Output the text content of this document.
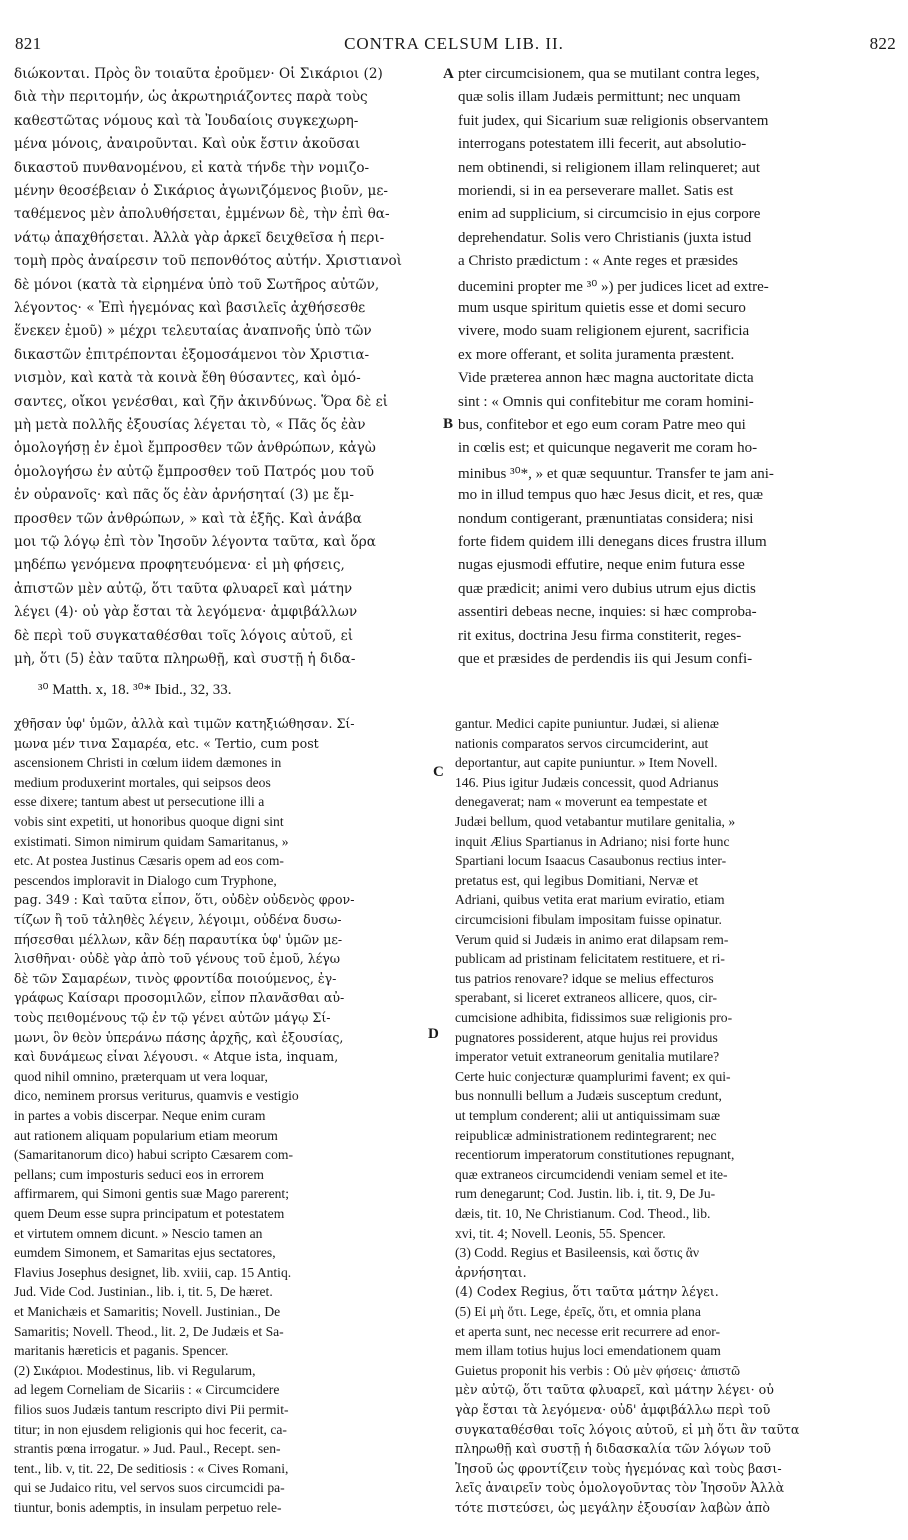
821	CONTRA CELSUM LIB. II.	822
A
B
C
D
διώκονται. Πρὸς ὃν τοιαῦτα ἐροῦμεν· Οἱ Σικάριοι (2)
διὰ τὴν περιτομήν, ὡς ἀκρωτηριάζοντες παρὰ τοὺς
καθεστῶτας νόμους καὶ τὰ Ἰουδαίοις συγκεχωρη-
μένα μόνοις, ἀναιροῦνται. Καὶ οὐκ ἔστιν ἀκοῦσαι
δικαστοῦ πυνθανομένου, εἰ κατὰ τήνδε τὴν νομιζο-
μένην θεοσέβειαν ὁ Σικάριος ἀγωνιζόμενος βιοῦν, με-
ταθέμενος μὲν ἀπολυθήσεται, ἐμμένων δὲ, τὴν ἐπὶ θα-
νάτῳ ἀπαχθήσεται. Ἀλλὰ γὰρ ἀρκεῖ δειχθεῖσα ἡ περι-
τομὴ πρὸς ἀναίρεσιν τοῦ πεπονθότος αὐτήν. Χριστιανοὶ
δὲ μόνοι (κατὰ τὰ εἰρημένα ὑπὸ τοῦ Σωτῆρος αὐτῶν,
λέγοντος· « Ἐπὶ ἡγεμόνας καὶ βασιλεῖς ἀχθήσεσθε
ἕνεκεν ἐμοῦ) » μέχρι τελευταίας ἀναπνοῆς ὑπὸ τῶν
δικαστῶν ἐπιτρέπονται ἐξομοσάμενοι τὸν Χριστια-
νισμὸν, καὶ κατὰ τὰ κοινὰ ἔθη θύσαντες, καὶ ὀμό-
σαντες, οἴκοι γενέσθαι, καὶ ζῆν ἀκινδύνως. Ὅρα δὲ εἰ
μὴ μετὰ πολλῆς ἐξουσίας λέγεται τὸ, « Πᾶς ὅς ἐὰν
ὁμολογήσῃ ἐν ἐμοὶ ἔμπροσθεν τῶν ἀνθρώπων, κἀγὼ
ὁμολογήσω ἐν αὐτῷ ἔμπροσθεν τοῦ Πατρός μου τοῦ
ἐν οὐρανοῖς· καὶ πᾶς ὅς ἐὰν ἀρνήσηταί (3) με ἔμ-
προσθεν τῶν ἀνθρώπων, » καὶ τὰ ἑξῆς. Καὶ ἀνάβα
μοι τῷ λόγῳ ἐπὶ τὸν Ἰησοῦν λέγοντα ταῦτα, καὶ ὅρα
μηδέπω γενόμενα προφητευόμενα· εἰ μὴ φήσεις,
ἀπιστῶν μὲν αὐτῷ, ὅτι ταῦτα φλυαρεῖ καὶ μάτην
λέγει (4)· οὐ γὰρ ἔσται τὰ λεγόμενα· ἀμφιβάλλων
δὲ περὶ τοῦ συγκαταθέσθαι τοῖς λόγοις αὐτοῦ, εἰ
μὴ, ὅτι (5) ἐὰν ταῦτα πληρωθῇ, καὶ συστῇ ἡ διδα-
pter circumcisionem, qua se mutilant contra leges,
quæ solis illam Judæis permittunt; nec unquam
fuit judex, qui Sicarium suæ religionis observantem
interrogans potestatem illi fecerit, aut absolutio-
nem obtinendi, si religionem illam relinqueret; aut
moriendi, si in ea perseverare mallet. Satis est
enim ad supplicium, si circumcisio in ejus corpore
deprehendatur. Solis vero Christianis (juxta istud
a Christo prædictum : « Ante reges et præsides
ducemini propter me ³⁰ ») per judices licet ad extre-
mum usque spiritum quietis esse et domi securo
vivere, modo suam religionem ejurent, sacrificia
ex more offerant, et solita juramenta præstent.
Vide præterea annon hæc magna auctoritate dicta
sint : « Omnis qui confitebitur me coram homini-
bus, confitebor et ego eum coram Patre meo qui
in cœlis est; et quicunque negaverit me coram ho-
minibus ³⁰*, » et quæ sequuntur. Transfer te jam ani-
mo in illud tempus quo hæc Jesus dicit, et res, quæ
nondum contigerant, prænuntiatas considera; nisi
forte fidem quidem illi denegans dices frustra illum
nugas ejusmodi effutire, neque enim futura esse
quæ prædicit; animi vero dubius utrum ejus dictis
assentiri debeas necne, inquies: si hæc comproba-
rit exitus, doctrina Jesu firma constiterit, reges-
que et præsides de perdendis iis qui Jesum confi-
³⁰ Matth. x, 18. ³⁰* Ibid., 32, 33.
χθῆσαν ὑφ' ὑμῶν, ἀλλὰ καὶ τιμῶν κατηξιώθησαν. Σί-
μωνα μέν τινα Σαμαρέα, etc. « Tertio, cum post
ascensionem Christi in cœlum iidem dæmones in
medium produxerint mortales, qui seipsos deos
esse dixere; tantum abest ut persecutione illi a
vobis sint expetiti, ut honoribus quoque digni sint
existimati. Simon nimirum quidam Samaritanus, »
etc. At postea Justinus Cæsaris opem ad eos com-
pescendos imploravit in Dialogo cum Tryphone,
pag. 349 : Καὶ ταῦτα εἶπον, ὅτι, οὐδὲν οὐδενὸς φρον-
τίζων ἢ τοῦ τἀληθὲς λέγειν, λέγοιμι, οὐδένα δυσω-
πήσεσθαι μέλλων, κἂν δέῃ παραυτίκα ὑφ' ὑμῶν με-
λισθῆναι· οὐδὲ γὰρ ἀπὸ τοῦ γένους τοῦ ἐμοῦ, λέγω
δὲ τῶν Σαμαρέων, τινὸς φροντίδα ποιούμενος, ἐγ-
γράφως Καίσαρι προσομιλῶν, εἶπον πλανᾶσθαι αὐ-
τοὺς πειθομένους τῷ ἐν τῷ γένει αὐτῶν μάγῳ Σί-
μωνι, ὃν θεὸν ὑπεράνω πάσης ἀρχῆς, καὶ ἐξουσίας,
καὶ δυνάμεως εἶναι λέγουσι. « Atque ista, inquam,
quod nihil omnino, præterquam ut vera loquar,
dico, neminem prorsus veriturus, quamvis e vestigio
in partes a vobis discerpar. Neque enim curam
aut rationem aliquam popularium etiam meorum
(Samaritanorum dico) habui scripto Cæsarem com-
pellans; cum imposturis seduci eos in errorem
affirmarem, qui Simoni gentis suæ Mago parerent;
quem Deum esse supra principatum et potestatem
et virtutem omnem dicunt. » Nescio tamen an
eumdem Simonem, et Samaritas ejus sectatores,
Flavius Josephus designet, lib. xviii, cap. 15 Antiq.
Jud. Vide Cod. Justinian., lib. i, tit. 5, De hæret.
et Manichæis et Samaritis; Novell. Justinian., De
Samaritis; Novell. Theod., lit. 2, De Judæis et Sa-
maritanis hæreticis et paganis. Spencer.
(2) Σικάριοι. Modestinus, lib. vi Regularum,
ad legem Corneliam de Sicariis : « Circumcidere
filios suos Judæis tantum rescripto divi Pii permit-
titur; in non ejusdem religionis qui hoc fecerit, ca-
strantis pœna irrogatur. » Jud. Paul., Recept. sen-
tent., lib. v, tit. 22, De seditiosis : « Cives Romani,
qui se Judaico ritu, vel servos suos circumcidi pa-
tiuntur, bonis ademptis, in insulam perpetuo rele-
gantur. Medici capite puniuntur. Judæi, si alienæ
nationis comparatos servos circumciderint, aut
deportantur, aut capite puniuntur. » Item Novell.
146. Pius igitur Judæis concessit, quod Adrianus
denegaverat; nam « moverunt ea tempestate et
Judæi bellum, quod vetabantur mutilare genitalia, »
inquit Ælius Spartianus in Adriano; nisi forte hunc
Spartiani locum Isaacus Casaubonus rectius inter-
pretatus est, qui legibus Domitiani, Nervæ et
Adriani, quibus vetita erat marium eviratio, etiam
circumcisioni fibulam impositam fuisse opinatur.
Verum quid si Judæis in animo erat dilapsam rem-
publicam ad pristinam felicitatem restituere, et ri-
tus patrios renovare? idque se melius effecturos
sperabant, si liceret extraneos allicere, quos, cir-
cumcisione adhibita, fidissimos suæ religionis pro-
pugnatores possiderent, atque hujus rei providus
imperator vetuit extraneorum genitalia mutilare?
Certe huic conjecturæ quamplurimi favent; ex qui-
bus nonnulli bellum a Judæis susceptum credunt,
ut templum conderent; alii ut antiquissimam suæ
reipublicæ administrationem redintegrarent; nec
recentiorum imperatorum constitutiones repugnant,
quæ extraneos circumcidendi veniam semel et ite-
rum denegarunt; Cod. Justin. lib. i, tit. 9, De Ju-
dæis, tit. 10, Ne Christianum. Cod. Theod., lib.
xvi, tit. 4; Novell. Leonis, 55. Spencer.
(3) Codd. Regius et Basileensis, καὶ ὅστις ἂν
ἀρνήσηται.
(4) Codex Regius, ὅτι ταῦτα μάτην λέγει.
(5) Εἰ μὴ ὅτι. Lege, ἐρεῖς, ὅτι, et omnia plana
et aperta sunt, nec necesse erit recurrere ad enor-
mem illam totius hujus loci emendationem quam
Guietus proponit his verbis : Οὐ μὲν φήσεις· ἀπιστῶ
μὲν αὐτῷ, ὅτι ταῦτα φλυαρεῖ, καὶ μάτην λέγει· οὐ
γὰρ ἔσται τὰ λεγόμενα· οὐδ' ἀμφιβάλλω περὶ τοῦ
συγκαταθέσθαι τοῖς λόγοις αὐτοῦ, εἰ μὴ ὅτι ἂν ταῦτα
πληρωθῇ καὶ συστῇ ἡ διδασκαλία τῶν λόγων τοῦ
Ἰησοῦ ὡς φροντίζειν τοὺς ἡγεμόνας καὶ τοὺς βασι-
λεῖς ἀναιρεῖν τοὺς ὁμολογοῦντας τὸν Ἰησοῦν Ἀλλὰ
τότε πιστεύσει, ὡς μεγάλην ἐξουσίαν λαβὼν ἀπὸ
